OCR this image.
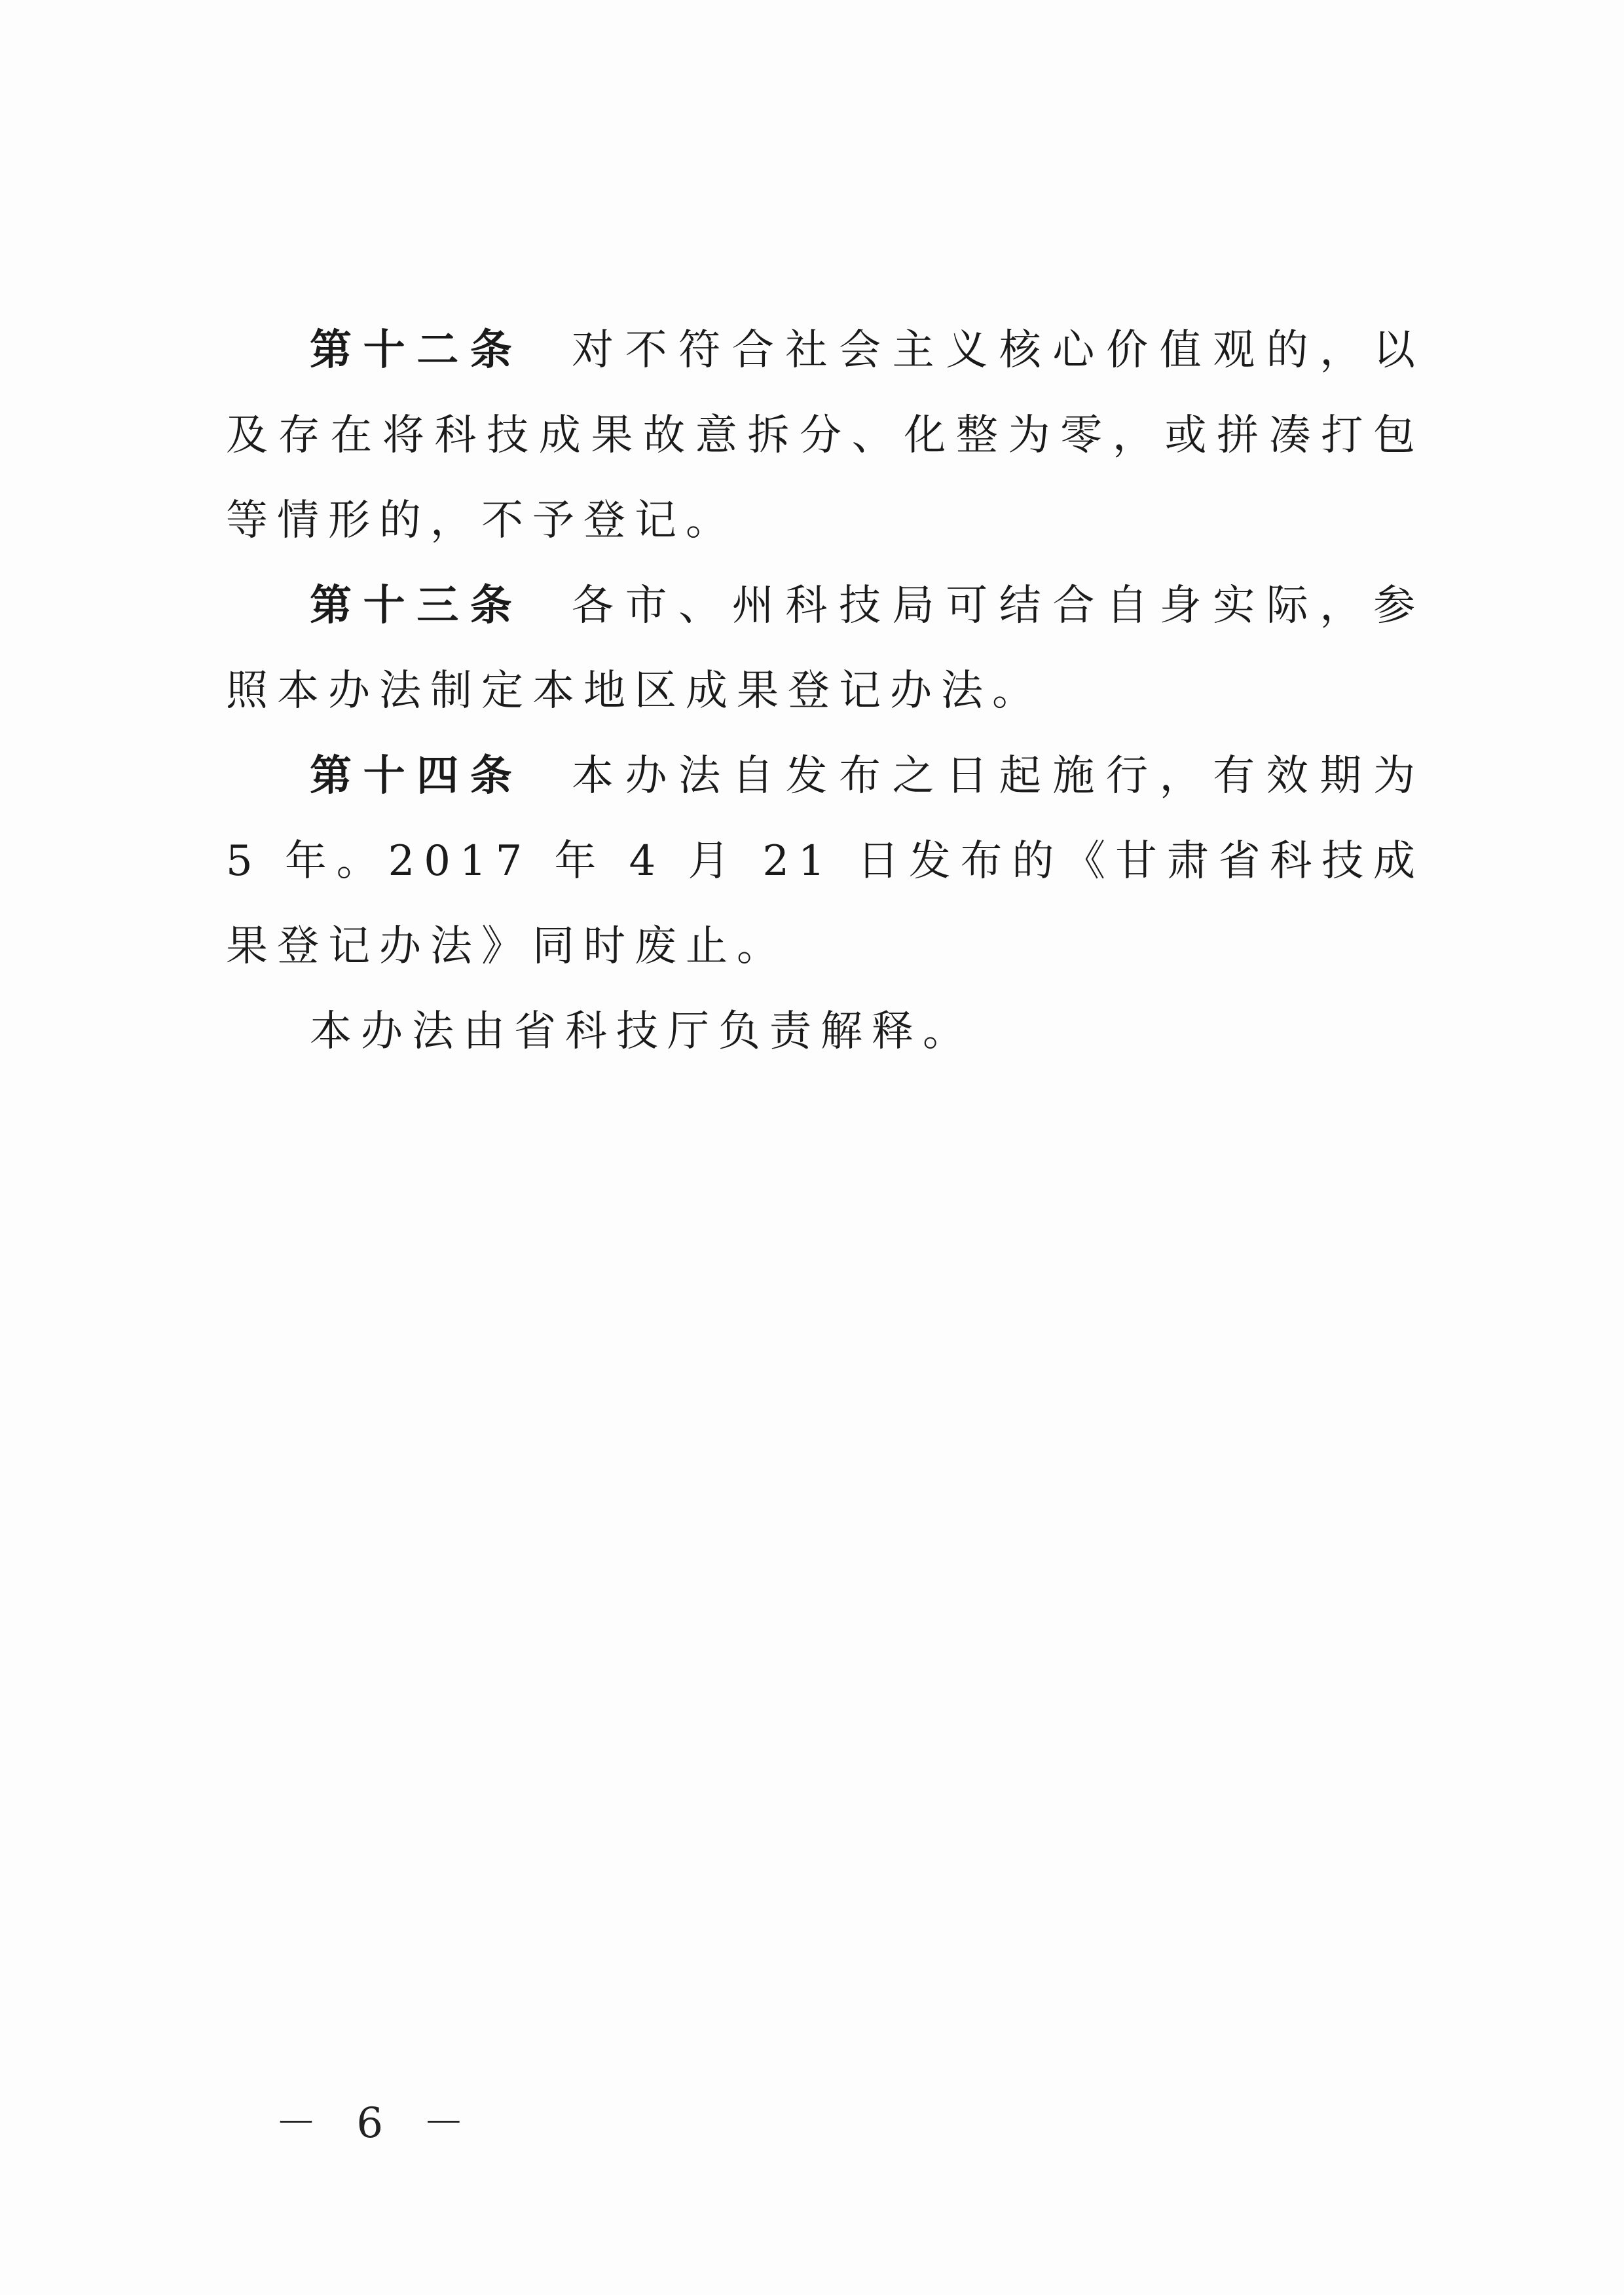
第十二条 对不符合社会主义核心价值观的，以及存在将科技成果故意拆分、化整为零，或拼凑打包等情形的，不予登记。

第十三条 各市、州科技局可结合自身实际，参照本办法制定本地区成果登记办法。

第十四条 本办法自发布之日起施行，有效期为 5 年。2017 年 4 月 21 日发布的《甘肃省科技成果登记办法》同时废止。

本办法由省科技厅负责解释。

－ 6 －
